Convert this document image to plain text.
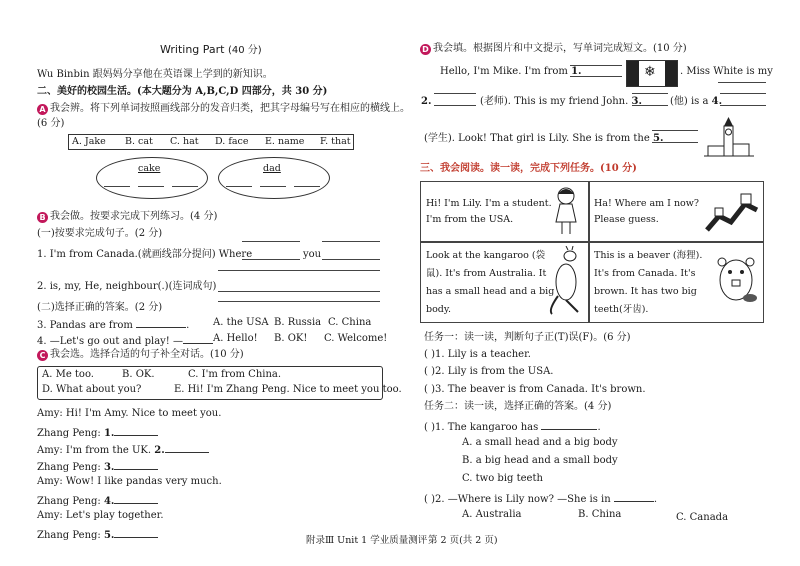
Writing Part (40 分)
Wu Binbin 跟妈妈分享他在英语课上学到的新知识。
二、美好的校园生活。(本大题分为 A,B,C,D 四部分，共 30 分)
A 我会辨。将下列单词按照画线部分的发音归类，把其字母编号写在相应的横线上。
(6 分)
A. Jake B. cat C. hat D. face E. name F. that
cake	dad
B 我会做。按要求完成下列练习。(4 分)
(一)按要求完成句子。(2 分)
1. I'm from Canada.(就画线部分提问) Where	you
2. is, my, He, neighbour(.)(连词成句)
(二)选择正确的答案。(2 分)
3. Pandas are from	. A. the USA B. Russia C. China
4. —Let's go out and play! —	A. Hello! B. OK! C. Welcome!
C 我会选。选择合适的句子补全对话。(10 分)
A. Me too.	B. OK.	C. I'm from China.
D. What about you?	E. Hi! I'm Zhang Peng. Nice to meet you too.
Amy: Hi! I'm Amy. Nice to meet you.
Zhang Peng: 1.
Amy: I'm from the UK. 2.
Zhang Peng: 3.
Amy: Wow! I like pandas very much.
Zhang Peng: 4.
Amy: Let's play together.
Zhang Peng: 5.
D 我会填。根据图片和中文提示，写单词完成短文。(10 分)
Hello, I'm Mike. I'm from 1.	❄ . Miss White is my
2.	(老师). This is my friend John. 3.	(他) is a 4.
(学生). Look! That girl is Lily. She is from the 5.
三、我会阅读。读一读，完成下列任务。(10 分)
Hi! I'm Lily. I'm a student.
I'm from the USA.
Ha! Where am I now?
Please guess.
Look at the kangaroo (袋
鼠). It's from Australia. It
has a small head and a big
body.
This is a beaver (海狸).
It's from Canada. It's
brown. It has two big
teeth(牙齿).
任务一：读一读，判断句子正(T)误(F)。(6 分)
( )1. Lily is a teacher.
( )2. Lily is from the USA.
( )3. The beaver is from Canada. It's brown.
任务二：读一读，选择正确的答案。(4 分)
( )1. The kangaroo has	.
A. a small head and a big body
B. a big head and a small body
C. two big teeth
( )2. —Where is Lily now? —She is in	.
A. Australia	B. China	C. Canada
附录Ⅲ Unit 1 学业质量测评 第 2 页(共 2 页)
